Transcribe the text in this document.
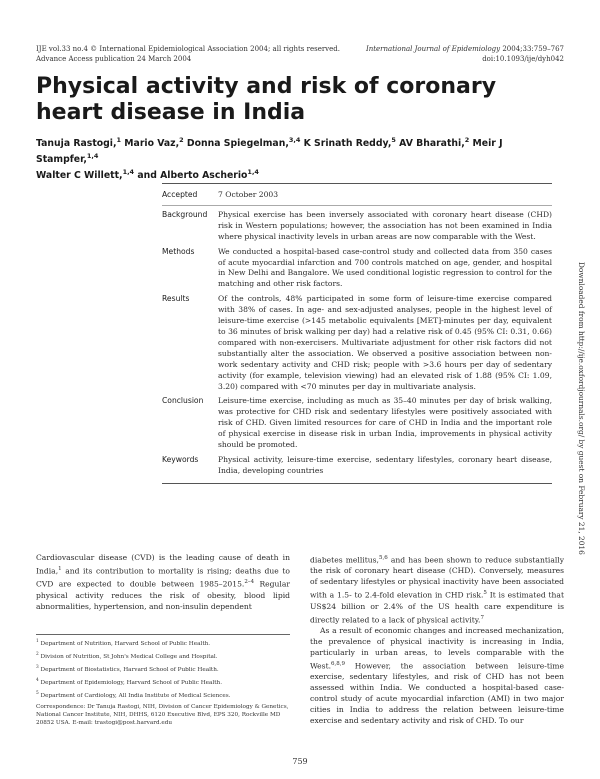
IJE vol.33 no.4 © International Epidemiological Association 2004; all rights reserved.
Advance Access publication 24 March 2004
International Journal of Epidemiology 2004;33:759–767
doi:10.1093/ije/dyh042
Physical activity and risk of coronary heart disease in India
Tanuja Rastogi,$^1$ Mario Vaz,$^2$ Donna Spiegelman,$^{3,4}$ K Srinath Reddy,$^5$ AV Bharathi,$^2$ Meir J Stampfer,$^{1,4}$
Walter C Willett,$^{1,4}$ and Alberto Ascherio$^{1,4}$
Accepted	7 October 2003
Background	Physical exercise has been inversely associated with coronary heart disease (CHD) risk in Western populations; however, the association has not been examined in India where physical inactivity levels in urban areas are now comparable with the West.
Methods	We conducted a hospital-based case-control study and collected data from 350 cases of acute myocardial infarction and 700 controls matched on age, gender, and hospital in New Delhi and Bangalore. We used conditional logistic regression to control for the matching and other risk factors.
Results	Of the controls, 48% participated in some form of leisure-time exercise compared with 38% of cases. In age- and sex-adjusted analyses, people in the highest level of leisure-time exercise (>145 metabolic equivalents [MET]-minutes per day, equivalent to 36 minutes of brisk walking per day) had a relative risk of 0.45 (95% CI: 0.31, 0.66) compared with non-exercisers. Multivariate adjustment for other risk factors did not substantially alter the association. We observed a positive association between non-work sedentary activity and CHD risk; people with >3.6 hours per day of sedentary activity (for example, television viewing) had an elevated risk of 1.88 (95% CI: 1.09, 3.20) compared with <70 minutes per day in multivariate analysis.
Conclusion	Leisure-time exercise, including as much as 35–40 minutes per day of brisk walking, was protective for CHD risk and sedentary lifestyles were positively associated with risk of CHD. Given limited resources for care of CHD in India and the important role of physical exercise in disease risk in urban India, improvements in physical activity should be promoted.
Keywords	Physical activity, leisure-time exercise, sedentary lifestyles, coronary heart disease, India, developing countries

Cardiovascular disease (CVD) is the leading cause of death in India,$^1$ and its contribution to mortality is rising; deaths due to CVD are expected to double between 1985–2015.$^{2-4}$ Regular physical activity reduces the risk of obesity, blood lipid abnormalities, hypertension, and non-insulin dependent

diabetes mellitus,$^{5,6}$ and has been shown to reduce substantially the risk of coronary heart disease (CHD). Conversely, measures of sedentary lifestyles or physical inactivity have been associated with a 1.5- to 2.4-fold elevation in CHD risk.$^5$ It is estimated that US$24 billion or 2.4% of the US health care expenditure is directly related to a lack of physical activity.$^7$

As a result of economic changes and increased mechanization, the prevalence of physical inactivity is increasing in India, particularly in urban areas, to levels comparable with the West.$^{6,8,9}$ However, the association between leisure-time exercise, sedentary lifestyles, and risk of CHD has not been assessed within India. We conducted a hospital-based case-control study of acute myocardial infarction (AMI) in two major cities in India to address the relation between leisure-time exercise and sedentary activity and risk of CHD. To our

$^1$ Department of Nutrition, Harvard School of Public Health.

$^2$ Division of Nutrition, St John's Medical College and Hospital.

$^3$ Department of Biostatistics, Harvard School of Public Health.

$^4$ Department of Epidemiology, Harvard School of Public Health.

$^5$ Department of Cardiology, All India Institute of Medical Sciences.

Correspondence: Dr Tanuja Rastogi, NIH, Division of Cancer Epidemiology & Genetics, National Cancer Institute, NIH, DHHS, 6120 Executive Blvd, EPS 320, Rockville MD 20852 USA. E-mail: trastogi@post.harvard.edu

759
Downloaded from http://ije.oxfordjournals.org/ by guest on February 21, 2016
